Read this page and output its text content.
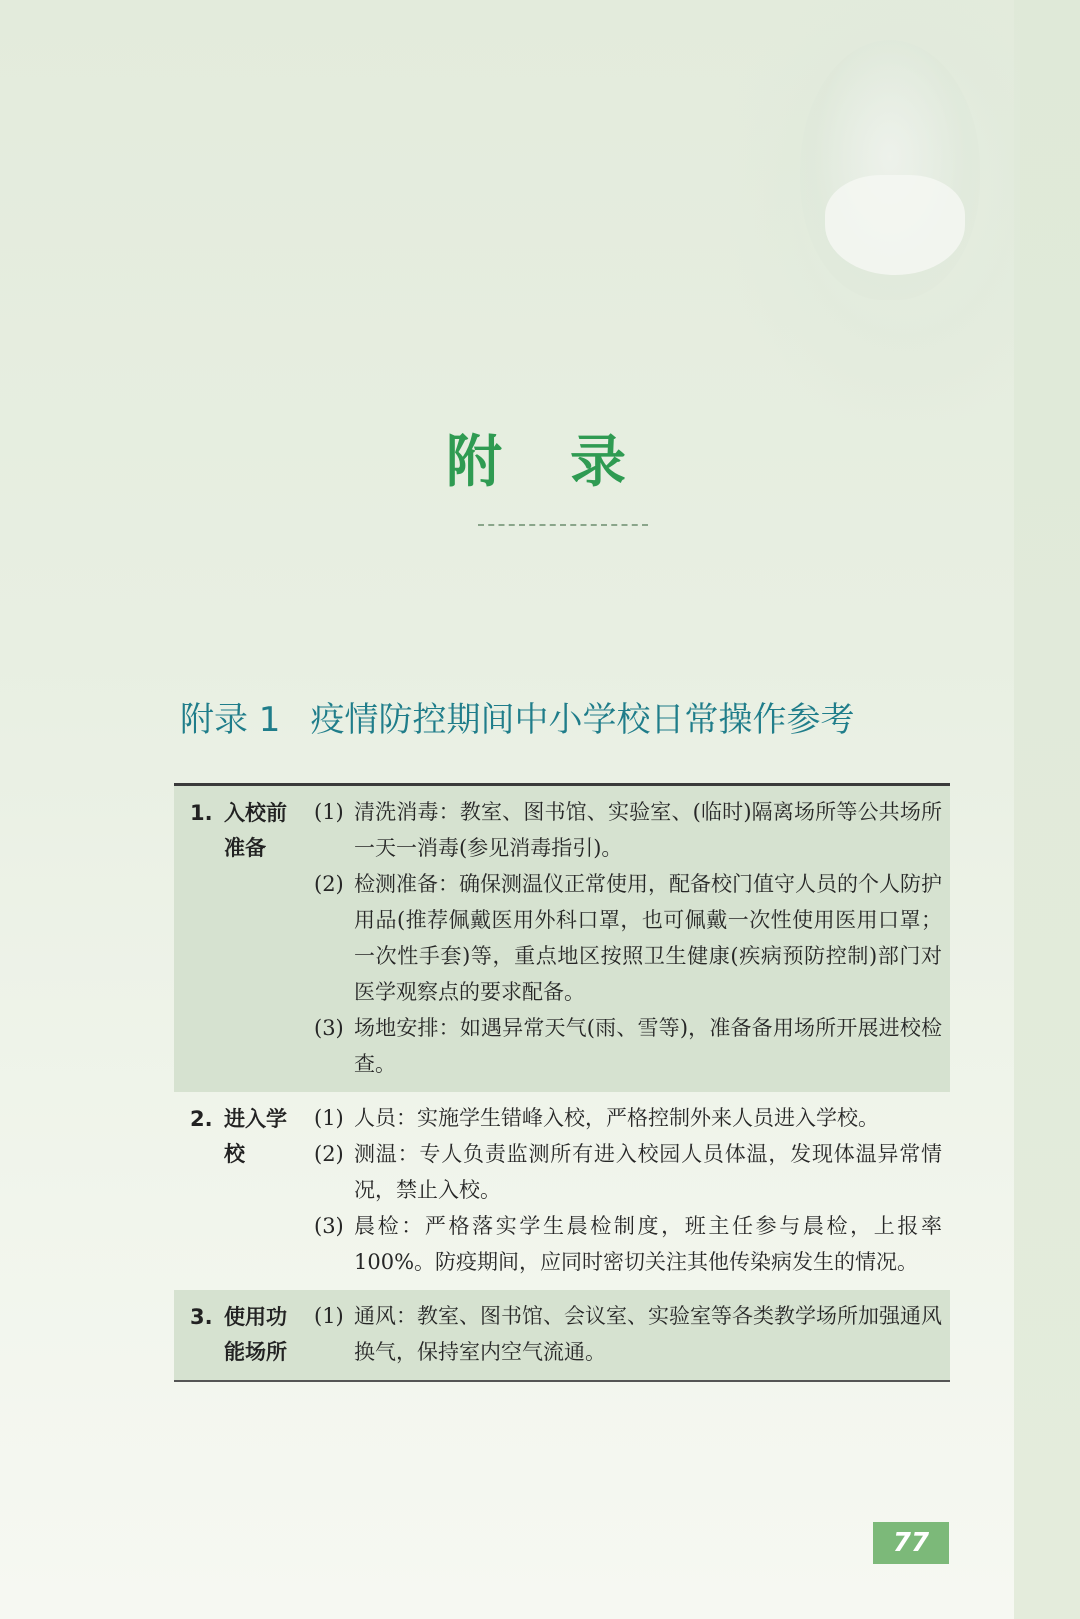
附 录
附录 1 疫情防控期间中小学校日常操作参考
1. 入校前准备
(1) 清洗消毒：教室、图书馆、实验室、(临时)隔离场所等公共场所一天一消毒(参见消毒指引)。
(2) 检测准备：确保测温仪正常使用，配备校门值守人员的个人防护用品(推荐佩戴医用外科口罩，也可佩戴一次性使用医用口罩；一次性手套)等，重点地区按照卫生健康(疾病预防控制)部门对医学观察点的要求配备。
(3) 场地安排：如遇异常天气(雨、雪等)，准备备用场所开展进校检查。
2. 进入学校
(1) 人员：实施学生错峰入校，严格控制外来人员进入学校。
(2) 测温：专人负责监测所有进入校园人员体温，发现体温异常情况，禁止入校。
(3) 晨检：严格落实学生晨检制度，班主任参与晨检，上报率 100%。防疫期间，应同时密切关注其他传染病发生的情况。
3. 使用功能场所
(1) 通风：教室、图书馆、会议室、实验室等各类教学场所加强通风换气，保持室内空气流通。
77
